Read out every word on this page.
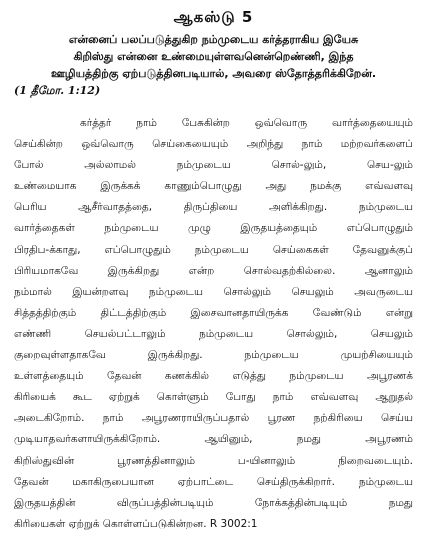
ஆகஸ்டு 5
என்னைப் பலப்படுத்துகிற நம்முடைய கர்த்தராகிய இயேசு
கிறிஸ்து என்னை உண்மையுள்ளவனென்றெண்ணி, இந்த
ஊழியத்திற்கு ஏற்படுத்தினபடியால், அவரை ஸ்தோத்தரிக்கிறேன்.
(1 தீமோ. 1:12)
கர்த்தர் நாம் பேசுகின்ற ஒவ்வொரு வார்த்தையையும்
செய்கின்ற ஒவ்வொரு செய்கையையும் அறிந்து நாம் மற்றவர்களைப்
போல் அல்லாமல் நம்முடைய சொல்-லும், செய-லும்
உண்மையாக இருக்கக் காணும்பொழுது அது நமக்கு எவ்வளவு
பெரிய ஆசீர்வாதத்தை, திருப்தியை அளிக்கிறது. நம்முடைய
வார்த்தைகள் நம்முடைய முழு இருதயத்தையும் எப்பொழுதும்
பிரதிப-க்காது, எப்பொழுதும் நம்முடைய செய்கைகள் தேவனுக்குப்
பிரியமாகவே இருக்கிறது என்ற சொல்வதற்கில்லை. ஆனாலும்
நம்மால் இயன்றளவு நம்முடைய சொல்லும் செயலும் அவருடைய
சித்தத்திற்கும் திட்டத்திற்கும் இசைவானதாயிருக்க வேண்டும் என்று
எண்ணி செயல்பட்டாலும் நம்முடைய சொல்லும், செயலும்
குறைவுள்ளதாகவே இருக்கிறது. நம்முடைய முயற்சியையும்
உள்ளத்தையும் தேவன் கணக்கில் எடுத்து நம்முடைய அபூரணக்
கிரியைக் கூட ஏற்றுக் கொள்ளும் போது நாம் எவ்வளவு ஆறுதல்
அடைகிறோம். நாம் அபூரணராயிருப்பதால் பூரண நற்கிரியை செய்ய
முடியாதவர்களாயிருக்கிறோம். ஆயினும், நமது அபூரணம்
கிறிஸ்துவின் பூரணத்தினாலும் ப-யினாலும் நிறைவடையும்.
தேவன் மகாகிருபையான ஏற்பாட்டை செய்திருக்கிறார். நம்முடைய
இருதயத்தின் விருப்பத்தின்படியும் நோக்கத்தின்படியும் நமது
கிரியைகள் ஏற்றுக் கொள்ளப்படுகின்றன. R 3002:1
